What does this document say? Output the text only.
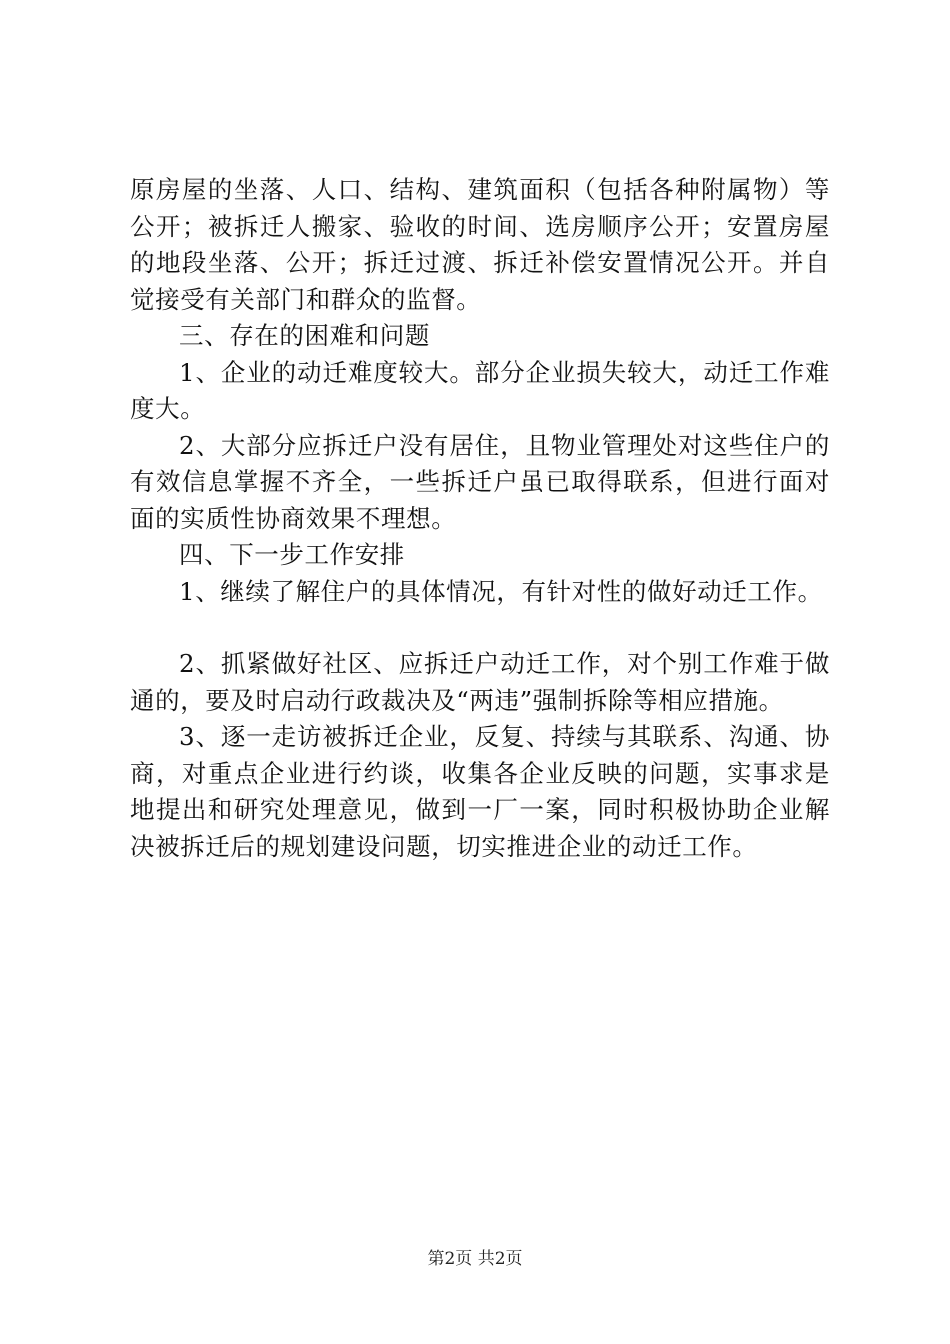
原房屋的坐落、人口、结构、建筑面积（包括各种附属物）等公开；被拆迁人搬家、验收的时间、选房顺序公开；安置房屋的地段坐落、公开；拆迁过渡、拆迁补偿安置情况公开。并自觉接受有关部门和群众的监督。

三、存在的困难和问题

1、企业的动迁难度较大。部分企业损失较大，动迁工作难度大。

2、大部分应拆迁户没有居住，且物业管理处对这些住户的有效信息掌握不齐全，一些拆迁户虽已取得联系，但进行面对面的实质性协商效果不理想。

四、下一步工作安排

1、继续了解住户的具体情况，有针对性的做好动迁工作。

2、抓紧做好社区、应拆迁户动迁工作，对个别工作难于做通的，要及时启动行政裁决及“两违”强制拆除等相应措施。

3、逐一走访被拆迁企业，反复、持续与其联系、沟通、协商，对重点企业进行约谈，收集各企业反映的问题，实事求是地提出和研究处理意见，做到一厂一案，同时积极协助企业解决被拆迁后的规划建设问题，切实推进企业的动迁工作。

第2页 共2页
